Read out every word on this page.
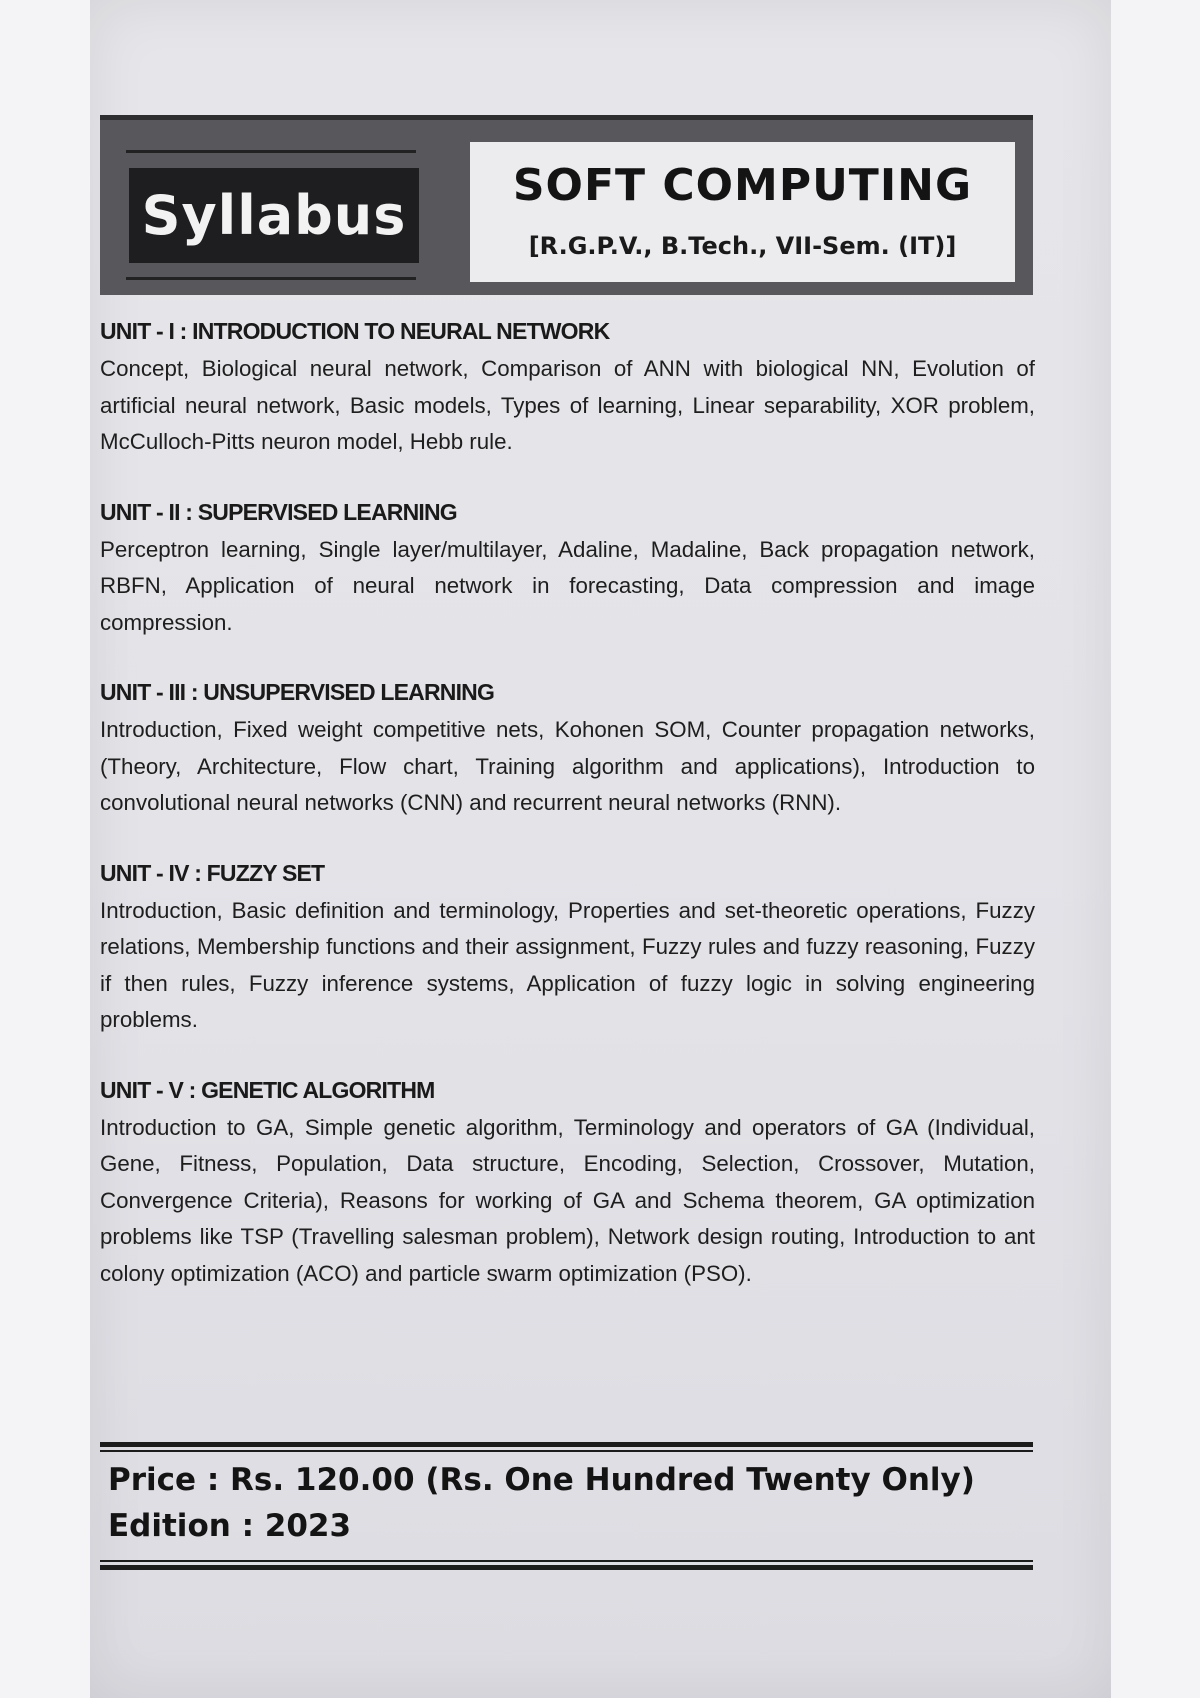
Syllabus	SOFT COMPUTING
[R.G.P.V., B.Tech., VII-Sem. (IT)]
UNIT - I : INTRODUCTION TO NEURAL NETWORK
Concept, Biological neural network, Comparison of ANN with biological NN, Evolution of artificial neural network, Basic models, Types of learning, Linear separability, XOR problem, McCulloch-Pitts neuron model, Hebb rule.
UNIT - II : SUPERVISED LEARNING
Perceptron learning, Single layer/multilayer, Adaline, Madaline, Back propagation network, RBFN, Application of neural network in forecasting, Data compression and image compression.
UNIT - III : UNSUPERVISED LEARNING
Introduction, Fixed weight competitive nets, Kohonen SOM, Counter propagation networks, (Theory, Architecture, Flow chart, Training algorithm and applications), Introduction to convolutional neural networks (CNN) and recurrent neural networks (RNN).
UNIT - IV : FUZZY SET
Introduction, Basic definition and terminology, Properties and set-theoretic operations, Fuzzy relations, Membership functions and their assignment, Fuzzy rules and fuzzy reasoning, Fuzzy if then rules, Fuzzy inference systems, Application of fuzzy logic in solving engineering problems.
UNIT - V : GENETIC ALGORITHM
Introduction to GA, Simple genetic algorithm, Terminology and operators of GA (Individual, Gene, Fitness, Population, Data structure, Encoding, Selection, Crossover, Mutation, Convergence Criteria), Reasons for working of GA and Schema theorem, GA optimization problems like TSP (Travelling salesman problem), Network design routing, Introduction to ant colony optimization (ACO) and particle swarm optimization (PSO).
Price : Rs. 120.00 (Rs. One Hundred Twenty Only)
Edition : 2023
